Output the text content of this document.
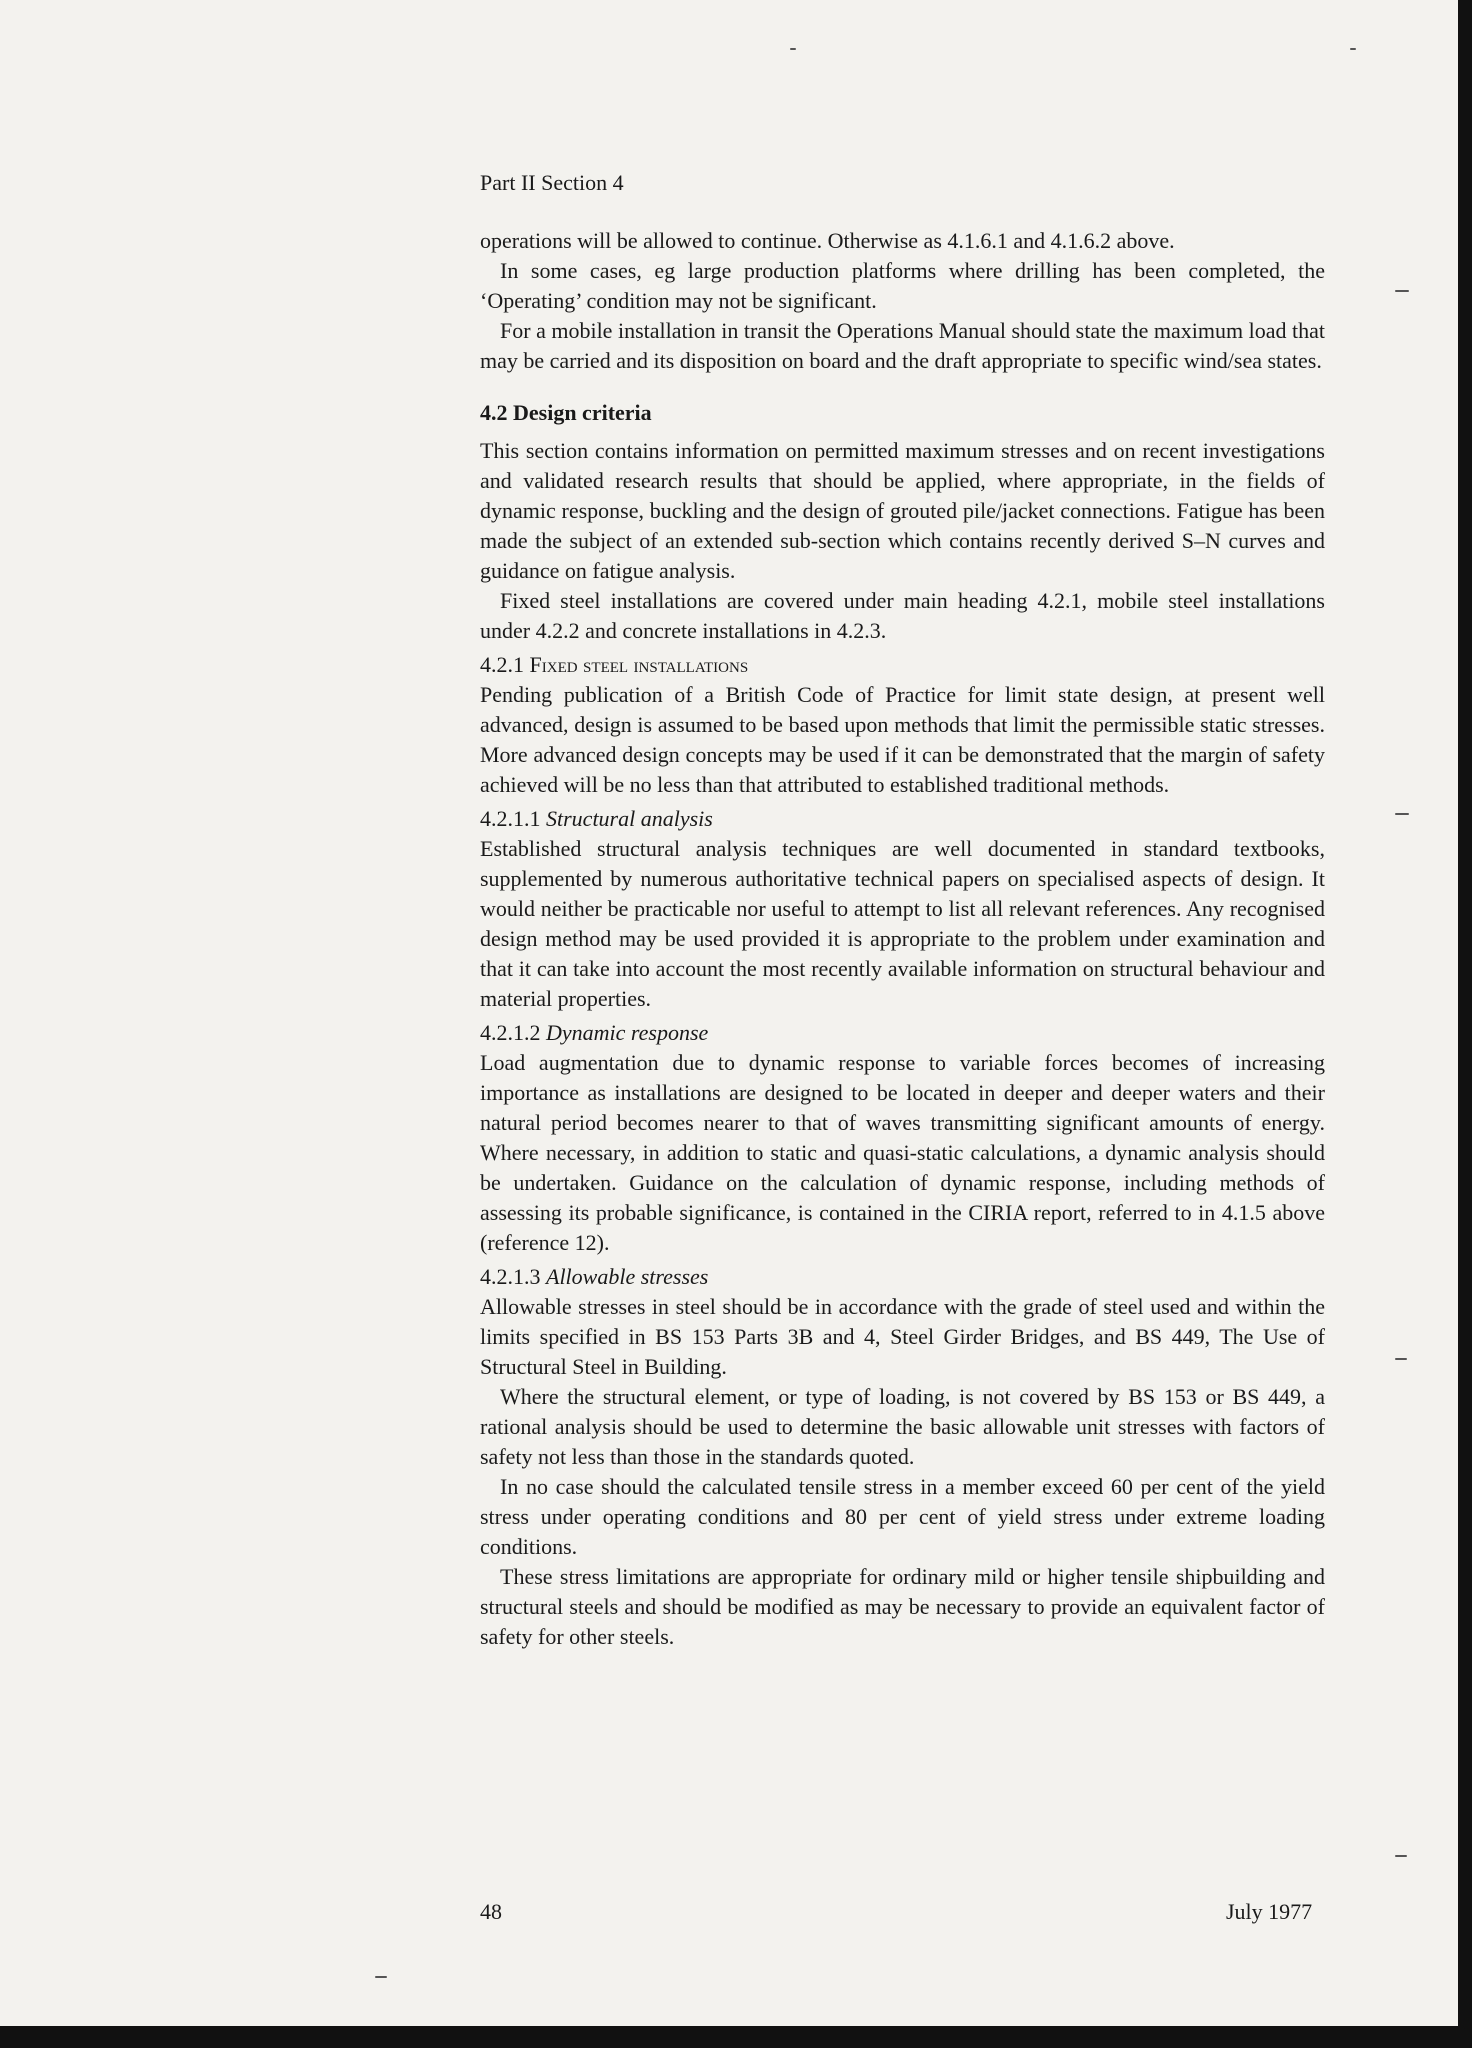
Part II Section 4

operations will be allowed to continue. Otherwise as 4.1.6.1 and 4.1.6.2 above.

In some cases, eg large production platforms where drilling has been completed, the ‘Operating’ condition may not be significant.

For a mobile installation in transit the Operations Manual should state the maximum load that may be carried and its disposition on board and the draft appropriate to specific wind/sea states.

4.2 Design criteria

This section contains information on permitted maximum stresses and on recent investigations and validated research results that should be applied, where appropriate, in the fields of dynamic response, buckling and the design of grouted pile/jacket connections. Fatigue has been made the subject of an extended sub-section which contains recently derived S–N curves and guidance on fatigue analysis.

Fixed steel installations are covered under main heading 4.2.1, mobile steel installations under 4.2.2 and concrete installations in 4.2.3.

4.2.1 Fixed steel installations

Pending publication of a British Code of Practice for limit state design, at present well advanced, design is assumed to be based upon methods that limit the permissible static stresses. More advanced design concepts may be used if it can be demonstrated that the margin of safety achieved will be no less than that attributed to established traditional methods.

4.2.1.1 Structural analysis

Established structural analysis techniques are well documented in standard textbooks, supplemented by numerous authoritative technical papers on specialised aspects of design. It would neither be practicable nor useful to attempt to list all relevant references. Any recognised design method may be used provided it is appropriate to the problem under examination and that it can take into account the most recently available information on structural behaviour and material properties.

4.2.1.2 Dynamic response

Load augmentation due to dynamic response to variable forces becomes of increasing importance as installations are designed to be located in deeper and deeper waters and their natural period becomes nearer to that of waves transmitting significant amounts of energy. Where necessary, in addition to static and quasi-static calculations, a dynamic analysis should be undertaken. Guidance on the calculation of dynamic response, including methods of assessing its probable significance, is contained in the CIRIA report, referred to in 4.1.5 above (reference 12).

4.2.1.3 Allowable stresses

Allowable stresses in steel should be in accordance with the grade of steel used and within the limits specified in BS 153 Parts 3B and 4, Steel Girder Bridges, and BS 449, The Use of Structural Steel in Building.

Where the structural element, or type of loading, is not covered by BS 153 or BS 449, a rational analysis should be used to determine the basic allowable unit stresses with factors of safety not less than those in the standards quoted.

In no case should the calculated tensile stress in a member exceed 60 per cent of the yield stress under operating conditions and 80 per cent of yield stress under extreme loading conditions.

These stress limitations are appropriate for ordinary mild or higher tensile shipbuilding and structural steels and should be modified as may be necessary to provide an equivalent factor of safety for other steels.

48	July 1977
